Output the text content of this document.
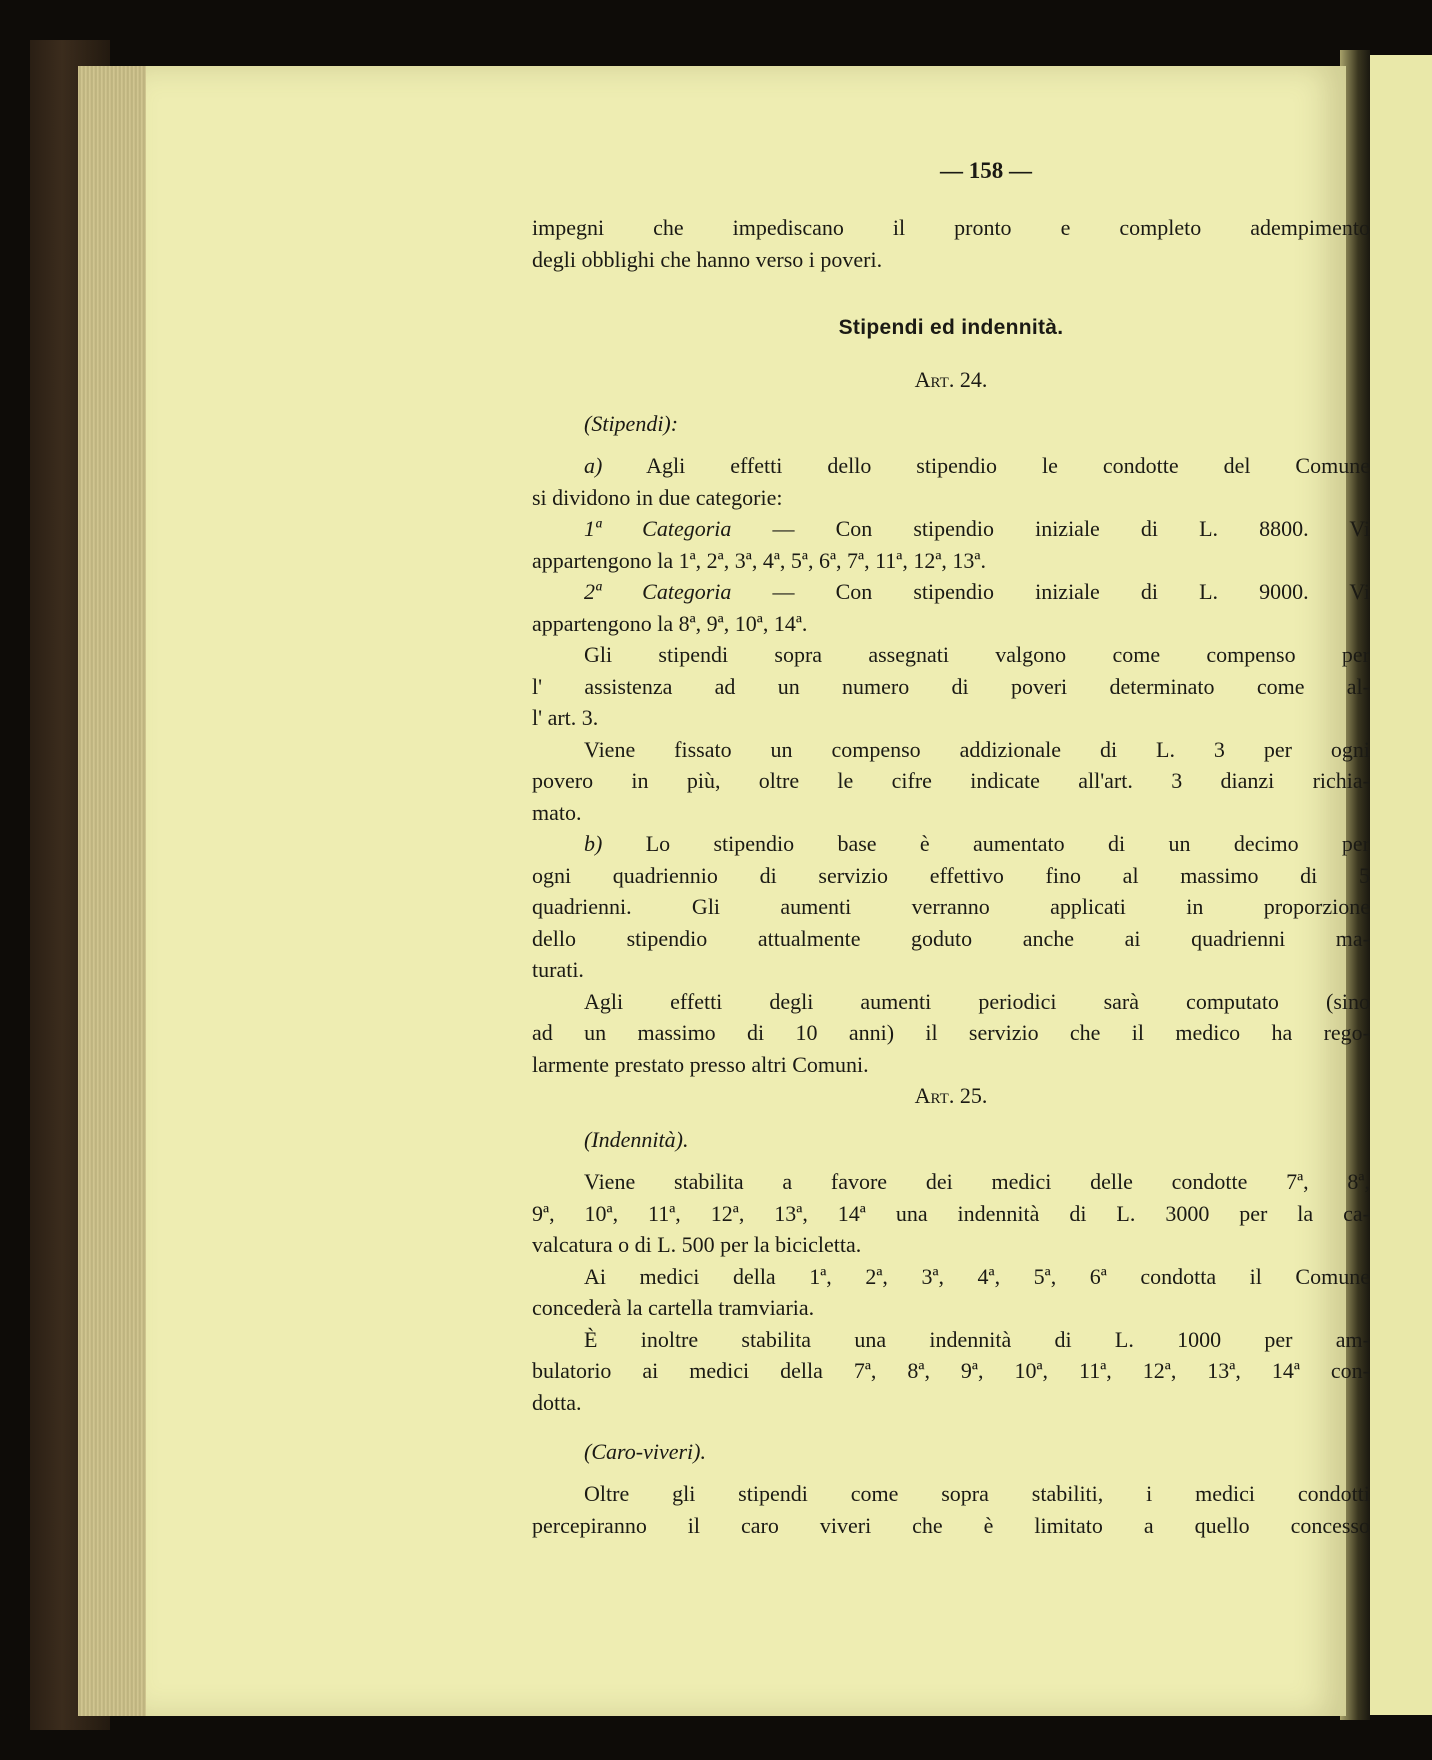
— 158 —
impegni che impediscano il pronto e completo adempimento
degli obblighi che hanno verso i poveri.
Stipendi ed indennità.
Art. 24.
(Stipendi):
a) Agli effetti dello stipendio le condotte del Comune
si dividono in due categorie:
1ª Categoria — Con stipendio iniziale di L. 8800. Vi
appartengono la 1ª, 2ª, 3ª, 4ª, 5ª, 6ª, 7ª, 11ª, 12ª, 13ª.
2ª Categoria — Con stipendio iniziale di L. 9000. Vi
appartengono la 8ª, 9ª, 10ª, 14ª.
Gli stipendi sopra assegnati valgono come compenso per
l' assistenza ad un numero di poveri determinato come al-
l' art. 3.
Viene fissato un compenso addizionale di L. 3 per ogni
povero in più, oltre le cifre indicate all'art. 3 dianzi richia-
mato.
b) Lo stipendio base è aumentato di un decimo per
ogni quadriennio di servizio effettivo fino al massimo di 5
quadrienni. Gli aumenti verranno applicati in proporzione
dello stipendio attualmente goduto anche ai quadrienni ma-
turati.
Agli effetti degli aumenti periodici sarà computato (sino
ad un massimo di 10 anni) il servizio che il medico ha rego-
larmente prestato presso altri Comuni.
Art. 25.
(Indennità).
Viene stabilita a favore dei medici delle condotte 7ª, 8ª,
9ª, 10ª, 11ª, 12ª, 13ª, 14ª una indennità di L. 3000 per la ca-
valcatura o di L. 500 per la bicicletta.
Ai medici della 1ª, 2ª, 3ª, 4ª, 5ª, 6ª condotta il Comune
concederà la cartella tramviaria.
È inoltre stabilita una indennità di L. 1000 per am-
bulatorio ai medici della 7ª, 8ª, 9ª, 10ª, 11ª, 12ª, 13ª, 14ª con-
dotta.
(Caro-viveri).
Oltre gli stipendi come sopra stabiliti, i medici condotti
percepiranno il caro viveri che è limitato a quello concesso
